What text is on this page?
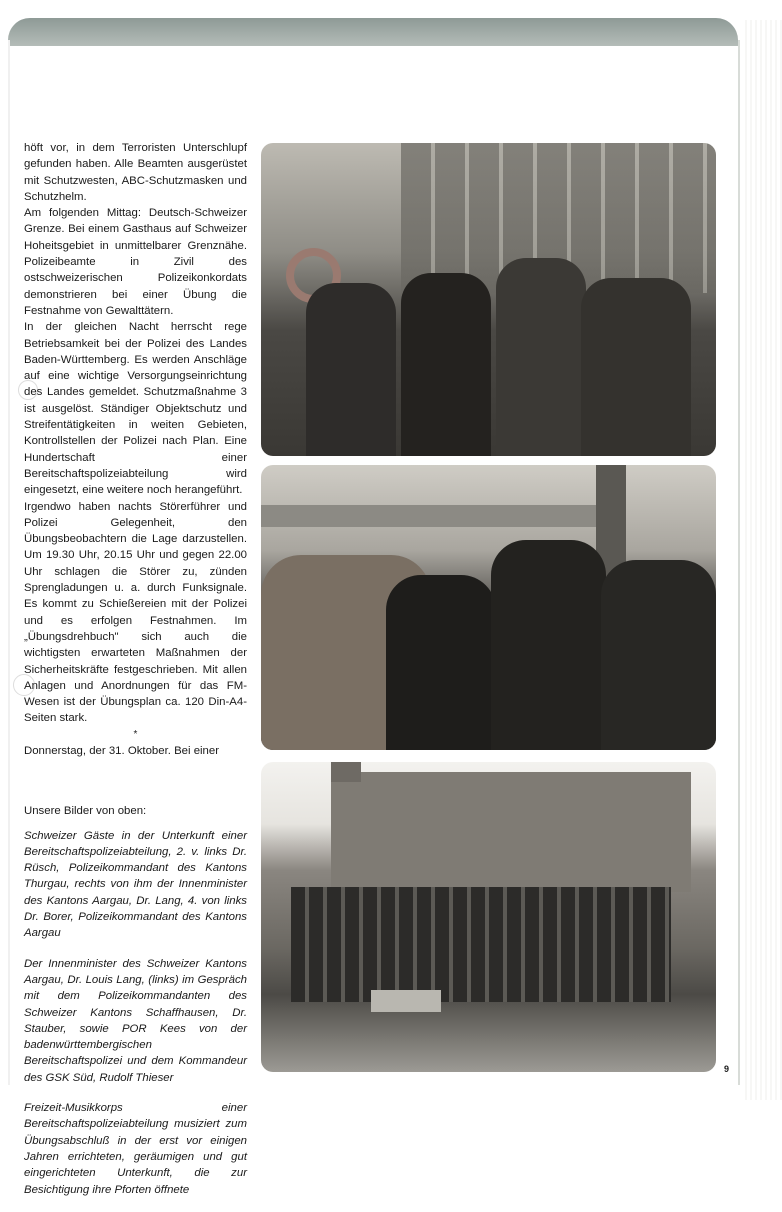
höft vor, in dem Terroristen Unterschlupf gefunden haben. Alle Beamten ausgerüstet mit Schutzwesten, ABC-Schutzmasken und Schutzhelm.

Am folgenden Mittag: Deutsch-Schweizer Grenze. Bei einem Gasthaus auf Schweizer Hoheitsgebiet in unmittelbarer Grenznähe. Polizeibeamte in Zivil des ostschweizerischen Polizeikonkordats demonstrieren bei einer Übung die Festnahme von Gewalttätern.

In der gleichen Nacht herrscht rege Betriebsamkeit bei der Polizei des Landes Baden-Württemberg. Es werden Anschläge auf eine wichtige Versorgungseinrichtung des Landes gemeldet. Schutzmaßnahme 3 ist ausgelöst. Ständiger Objektschutz und Streifentätigkeiten in weiten Gebieten, Kontrollstellen der Polizei nach Plan. Eine Hundertschaft einer Bereitschaftspolizeiabteilung wird eingesetzt, eine weitere noch herangeführt.

Irgendwo haben nachts Störerführer und Polizei Gelegenheit, den Übungsbeobachtern die Lage darzustellen. Um 19.30 Uhr, 20.15 Uhr und gegen 22.00 Uhr schlagen die Störer zu, zünden Sprengladungen u. a. durch Funksignale. Es kommt zu Schießereien mit der Polizei und es erfolgen Festnahmen. Im „Übungsdrehbuch" sich auch die wichtigsten erwarteten Maßnahmen der Sicherheitskräfte festgeschrieben. Mit allen Anlagen und Anordnungen für das FM-Wesen ist der Übungsplan ca. 120 Din-A4-Seiten stark.

*

Donnerstag, der 31. Oktober. Bei einer

Unsere Bilder von oben:

Schweizer Gäste in der Unterkunft einer Bereitschaftspolizeiabteilung, 2. v. links Dr. Rüsch, Polizeikommandant des Kantons Thurgau, rechts von ihm der Innenminister des Kantons Aargau, Dr. Lang, 4. von links Dr. Borer, Polizeikommandant des Kantons Aargau

Der Innenminister des Schweizer Kantons Aargau, Dr. Louis Lang, (links) im Gespräch mit dem Polizeikommandanten des Schweizer Kantons Schaffhausen, Dr. Stauber, sowie POR Kees von der badenwürttembergischen Bereitschaftspolizei und dem Kommandeur des GSK Süd, Rudolf Thieser

Freizeit-Musikkorps einer Bereitschaftspolizeiabteilung musiziert zum Übungsabschluß in der erst vor einigen Jahren errichteten, geräumigen und gut eingerichteten Unterkunft, die zur Besichtigung ihre Pforten öffnete

9
